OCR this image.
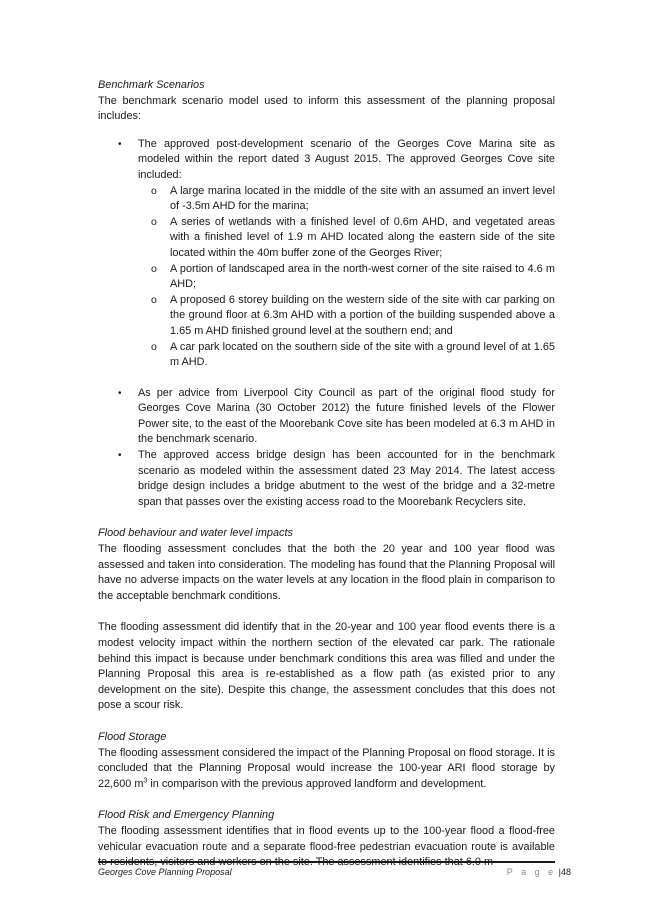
Benchmark Scenarios

The benchmark scenario model used to inform this assessment of the planning proposal includes:

• The approved post-development scenario of the Georges Cove Marina site as modeled within the report dated 3 August 2015. The approved Georges Cove site included:
o A large marina located in the middle of the site with an assumed an invert level of -3.5m AHD for the marina;
o A series of wetlands with a finished level of 0.6m AHD, and vegetated areas with a finished level of 1.9 m AHD located along the eastern side of the site located within the 40m buffer zone of the Georges River;
o A portion of landscaped area in the north-west corner of the site raised to 4.6 m AHD;
o A proposed 6 storey building on the western side of the site with car parking on the ground floor at 6.3m AHD with a portion of the building suspended above a 1.65 m AHD finished ground level at the southern end; and
o A car park located on the southern side of the site with a ground level of at 1.65 m AHD.
• As per advice from Liverpool City Council as part of the original flood study for Georges Cove Marina (30 October 2012) the future finished levels of the Flower Power site, to the east of the Moorebank Cove site has been modeled at 6.3 m AHD in the benchmark scenario.
• The approved access bridge design has been accounted for in the benchmark scenario as modeled within the assessment dated 23 May 2014. The latest access bridge design includes a bridge abutment to the west of the bridge and a 32-metre span that passes over the existing access road to the Moorebank Recyclers site.

Flood behaviour and water level impacts

The flooding assessment concludes that the both the 20 year and 100 year flood was assessed and taken into consideration. The modeling has found that the Planning Proposal will have no adverse impacts on the water levels at any location in the flood plain in comparison to the acceptable benchmark conditions.

The flooding assessment did identify that in the 20-year and 100 year flood events there is a modest velocity impact within the northern section of the elevated car park. The rationale behind this impact is because under benchmark conditions this area was filled and under the Planning Proposal this area is re-established as a flow path (as existed prior to any development on the site). Despite this change, the assessment concludes that this does not pose a scour risk.

Flood Storage

The flooding assessment considered the impact of the Planning Proposal on flood storage. It is concluded that the Planning Proposal would increase the 100-year ARI flood storage by 22,600 $m^3$ in comparison with the previous approved landform and development.

Flood Risk and Emergency Planning

The flooding assessment identifies that in flood events up to the 100-year flood a flood-free vehicular evacuation route and a separate flood-free pedestrian evacuation route is available to residents, visitors and workers on the site. The assessment identifies that 6.0 m

Georges Cove Planning Proposal	P a g e |48
